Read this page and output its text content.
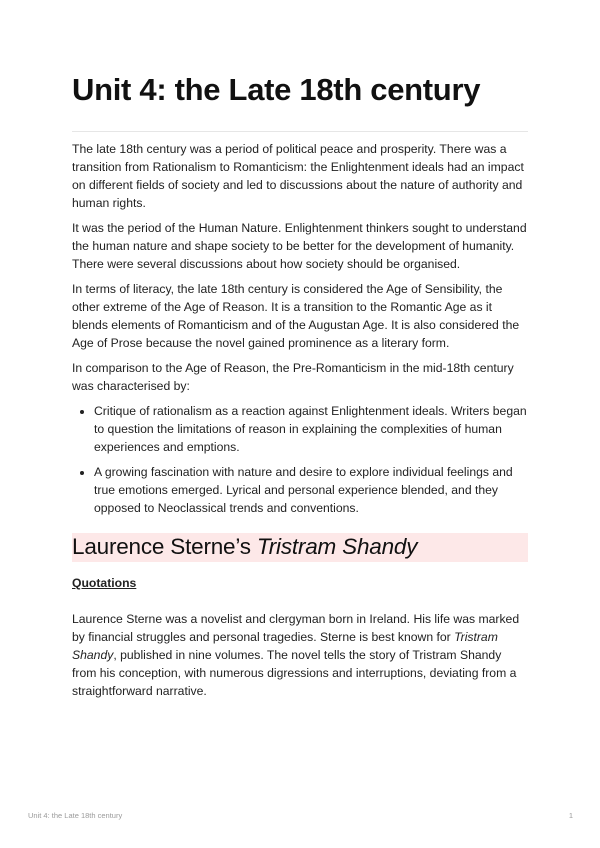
Unit 4: the Late 18th century

The late 18th century was a period of political peace and prosperity. There was a transition from Rationalism to Romanticism: the Enlightenment ideals had an impact on different fields of society and led to discussions about the nature of authority and human rights.

It was the period of the Human Nature. Enlightenment thinkers sought to understand the human nature and shape society to be better for the development of humanity. There were several discussions about how society should be organised.

In terms of literacy, the late 18th century is considered the Age of Sensibility, the other extreme of the Age of Reason. It is a transition to the Romantic Age as it blends elements of Romanticism and of the Augustan Age. It is also considered the Age of Prose because the novel gained prominence as a literary form.

In comparison to the Age of Reason, the Pre-Romanticism in the mid-18th century was characterised by:

• Critique of rationalism as a reaction against Enlightenment ideals. Writers began to question the limitations of reason in explaining the complexities of human experiences and emptions.
• A growing fascination with nature and desire to explore individual feelings and true emotions emerged. Lyrical and personal experience blended, and they opposed to Neoclassical trends and conventions.
Laurence Sterne’s Tristram Shandy
Quotations

Laurence Sterne was a novelist and clergyman born in Ireland. His life was marked by financial struggles and personal tragedies. Sterne is best known for Tristram Shandy, published in nine volumes. The novel tells the story of Tristram Shandy from his conception, with numerous digressions and interruptions, deviating from a straightforward narrative.

Unit 4: the Late 18th century	1
